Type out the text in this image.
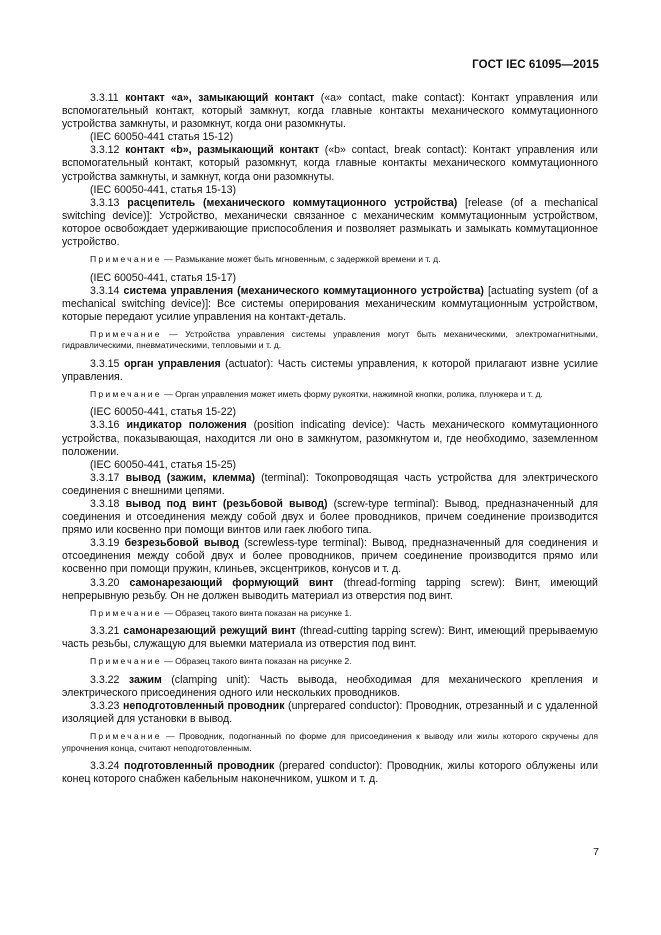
ГОСТ IEC 61095—2015

3.3.11 контакт «а», замыкающий контакт («a» contact, make contact): Контакт управления или вспомогательный контакт, который замкнут, когда главные контакты механического коммутационного устройства замкнуты, и разомкнут, когда они разомкнуты.

(IEC 60050-441 статья 15-12)

3.3.12 контакт «b», размыкающий контакт («b» contact, break contact): Контакт управления или вспомогательный контакт, который разомкнут, когда главные контакты механического коммутационного устройства замкнуты, и замкнут, когда они разомкнуты.

(IEC 60050-441, статья 15-13)

3.3.13 расцепитель (механического коммутационного устройства) [release (of a mechanical switching device)]: Устройство, механически связанное с механическим коммутационным устройством, которое освобождает удерживающие приспособления и позволяет размыкать и замыкать коммутационное устройство.

Примечание — Размыкание может быть мгновенным, с задержкой времени и т. д.

(IEC 60050-441, статья 15-17)

3.3.14 система управления (механического коммутационного устройства) [actuating system (of a mechanical switching device)]: Все системы оперирования механическим коммутационным устройством, которые передают усилие управления на контакт-деталь.

Примечание — Устройства управления системы управления могут быть механическими, электромагнитными, гидравлическими, пневматическими, тепловыми и т. д.

3.3.15 орган управления (actuator): Часть системы управления, к которой прилагают извне усилие управления.

Примечание — Орган управления может иметь форму рукоятки, нажимной кнопки, ролика, плунжера и т. д.

(IEC 60050-441, статья 15-22)

3.3.16 индикатор положения (position indicating device): Часть механического коммутационного устройства, показывающая, находится ли оно в замкнутом, разомкнутом и, где необходимо, заземленном положении.

(IEC 60050-441, статья 15-25)

3.3.17 вывод (зажим, клемма) (terminal): Токопроводящая часть устройства для электрического соединения с внешними цепями.

3.3.18 вывод под винт (резьбовой вывод) (screw-type terminal): Вывод, предназначенный для соединения и отсоединения между собой двух и более проводников, причем соединение производится прямо или косвенно при помощи винтов или гаек любого типа.

3.3.19 безрезьбовой вывод (screwless-type terminal): Вывод, предназначенный для соединения и отсоединения между собой двух и более проводников, причем соединение производится прямо или косвенно при помощи пружин, клиньев, эксцентриков, конусов и т. д.

3.3.20 самонарезающий формующий винт (thread-forming tapping screw): Винт, имеющий непрерывную резьбу. Он не должен выводить материал из отверстия под винт.

Примечание — Образец такого винта показан на рисунке 1.

3.3.21 самонарезающий режущий винт (thread-cutting tapping screw): Винт, имеющий прерываемую часть резьбы, служащую для выемки материала из отверстия под винт.

Примечание — Образец такого винта показан на рисунке 2.

3.3.22 зажим (clamping unit): Часть вывода, необходимая для механического крепления и электрического присоединения одного или нескольких проводников.

3.3.23 неподготовленный проводник (unprepared conductor): Проводник, отрезанный и с удаленной изоляцией для установки в вывод.

Примечание — Проводник, подогнанный по форме для присоединения к выводу или жилы которого скручены для упрочнения конца, считают неподготовленным.

3.3.24 подготовленный проводник (prepared conductor): Проводник, жилы которого облужены или конец которого снабжен кабельным наконечником, ушком и т. д.

7
